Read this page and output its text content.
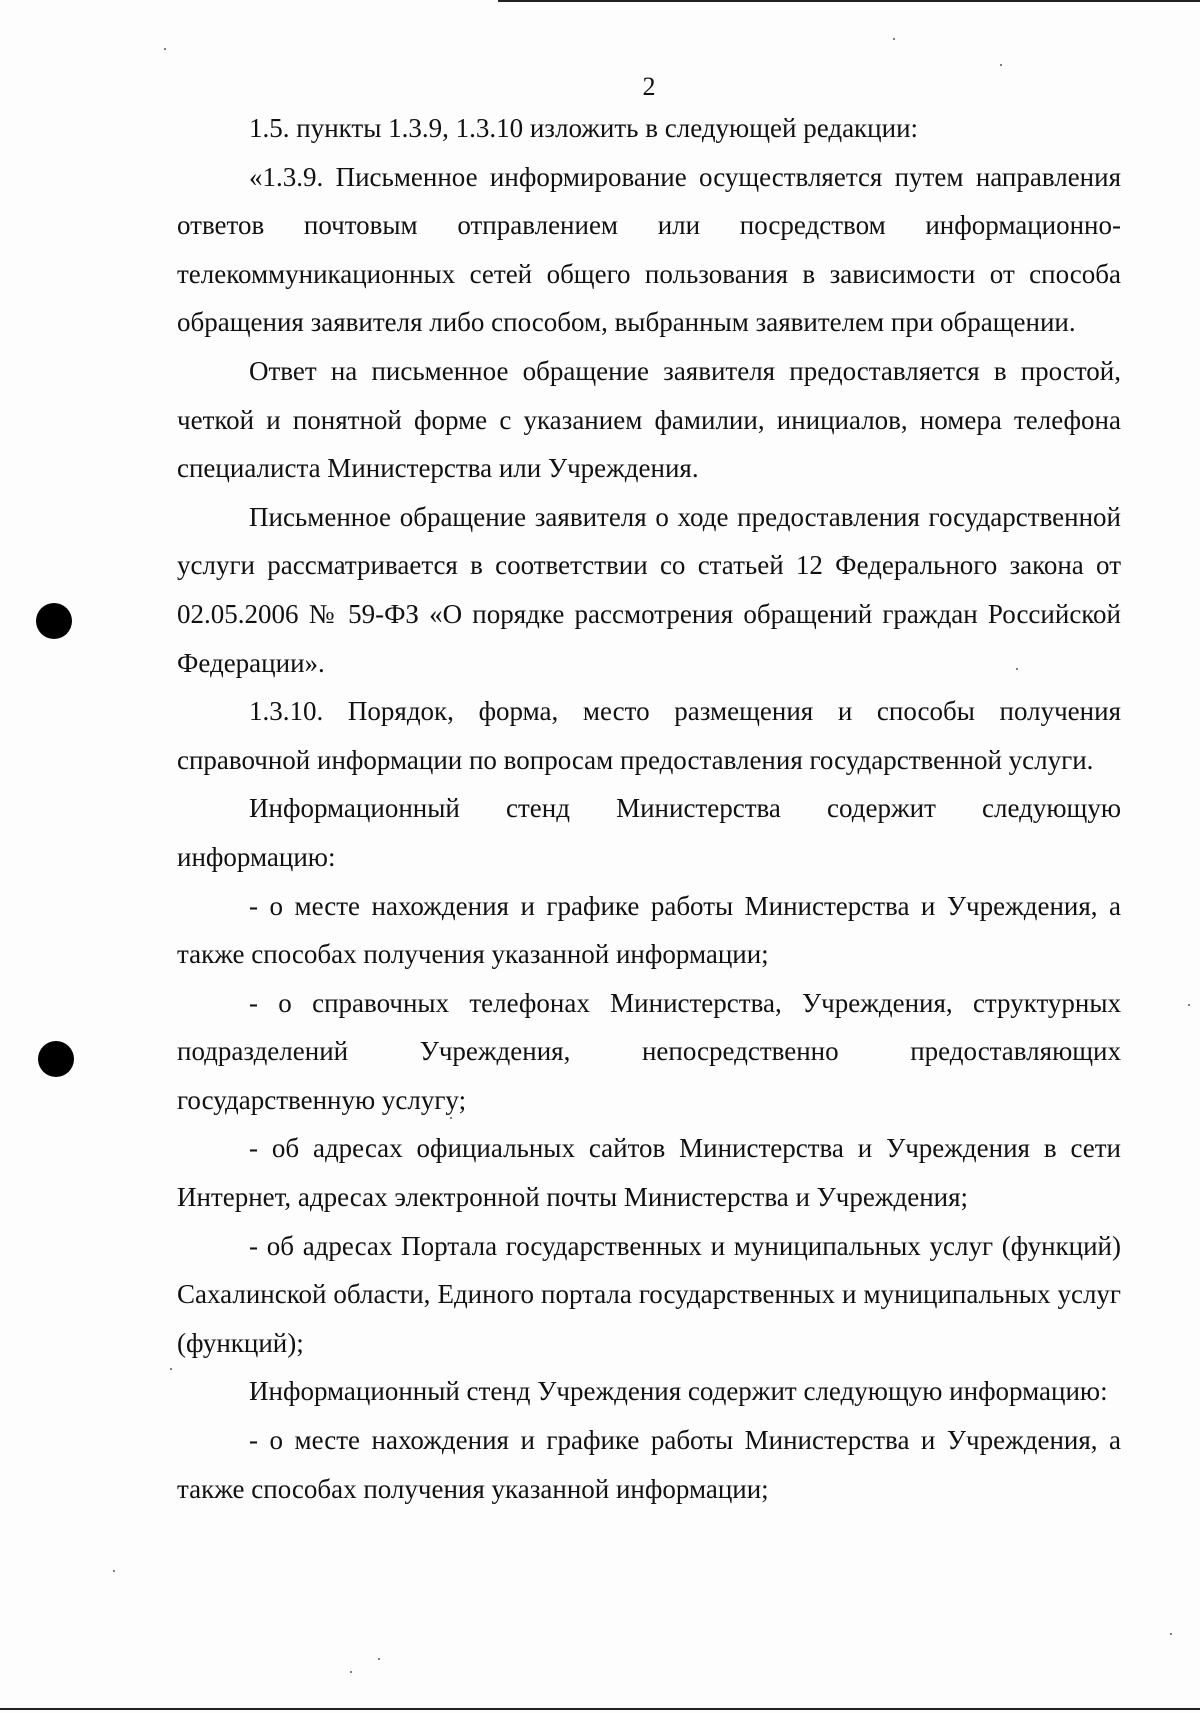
2

1.5. пункты 1.3.9, 1.3.10 изложить в следующей редакции:

«1.3.9. Письменное информирование осуществляется путем направления ответов почтовым отправлением или посредством информационно-телекоммуникационных сетей общего пользования в зависимости от способа обращения заявителя либо способом, выбранным заявителем при обращении.

Ответ на письменное обращение заявителя предоставляется в простой, четкой и понятной форме с указанием фамилии, инициалов, номера телефона специалиста Министерства или Учреждения.

Письменное обращение заявителя о ходе предоставления государственной услуги рассматривается в соответствии со статьей 12 Федерального закона от 02.05.2006 № 59-ФЗ «О порядке рассмотрения обращений граждан Российской Федерации».

1.3.10. Порядок, форма, место размещения и способы получения справочной информации по вопросам предоставления государственной услуги.

Информационный стенд Министерства содержит следующую информацию:

- о месте нахождения и графике работы Министерства и Учреждения, а также способах получения указанной информации;

- о справочных телефонах Министерства, Учреждения, структурных подразделений Учреждения, непосредственно предоставляющих государственную услугу;

- об адресах официальных сайтов Министерства и Учреждения в сети Интернет, адресах электронной почты Министерства и Учреждения;

- об адресах Портала государственных и муниципальных услуг (функций) Сахалинской области, Единого портала государственных и муниципальных услуг (функций);

Информационный стенд Учреждения содержит следующую информацию:

- о месте нахождения и графике работы Министерства и Учреждения, а также способах получения указанной информации;
